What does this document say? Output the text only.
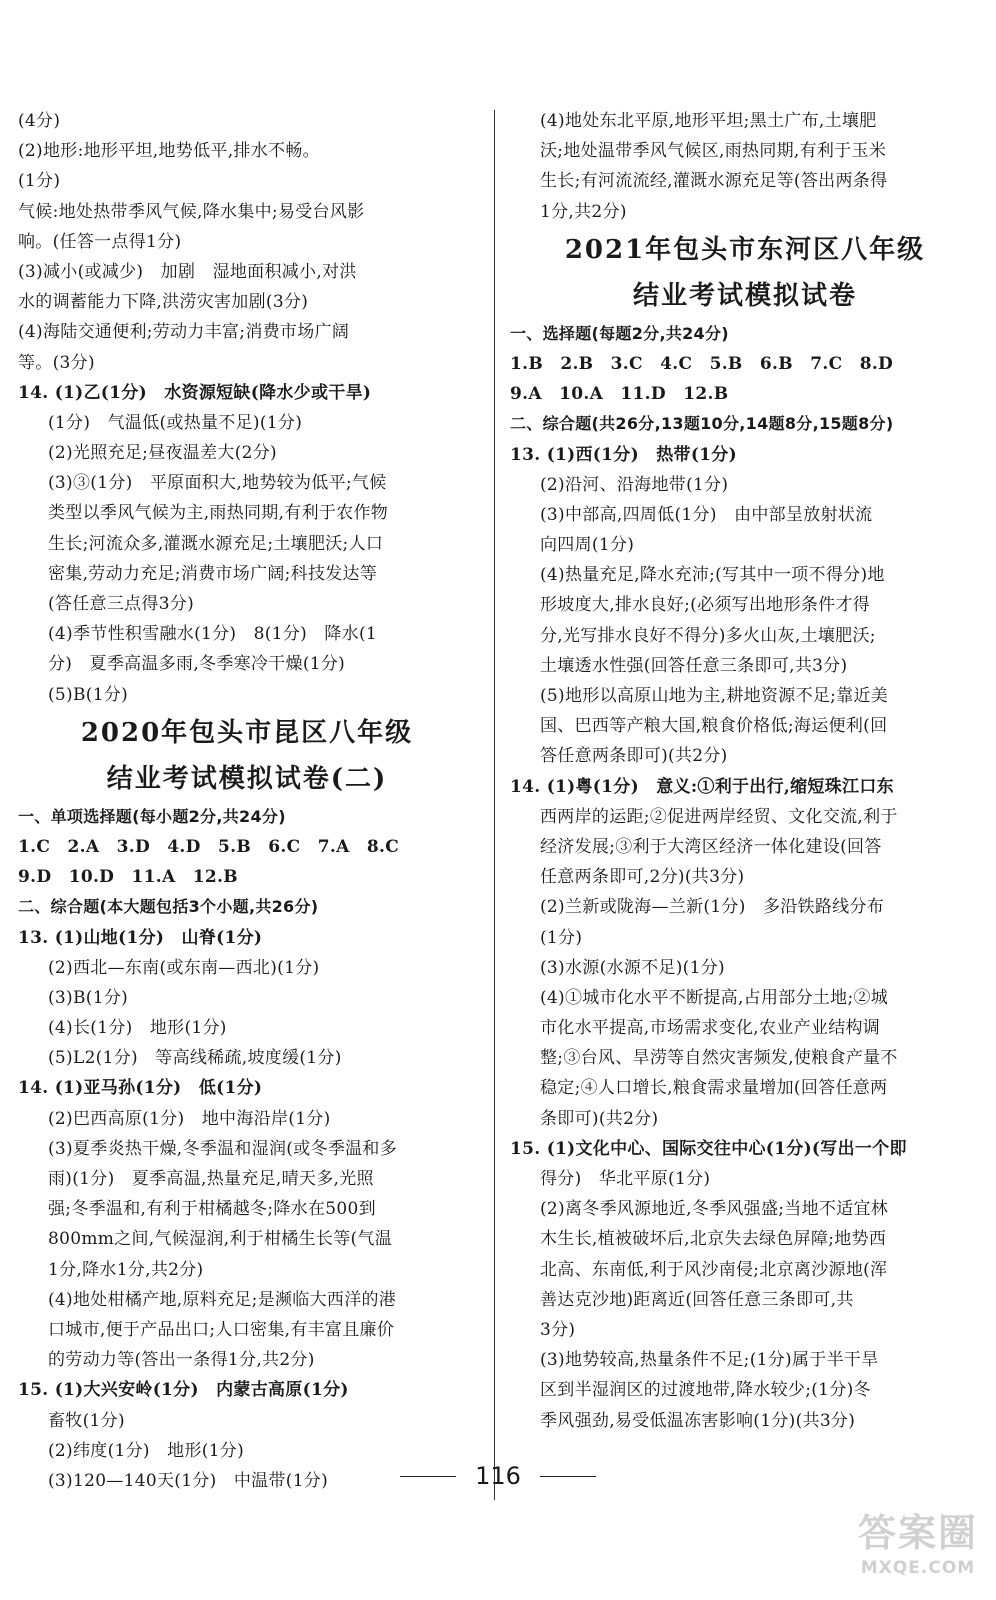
(4分)
(2)地形:地形平坦,地势低平,排水不畅。
(1分)
气候:地处热带季风气候,降水集中;易受台风影
响。(任答一点得1分)
(3)减小(或减少)　加剧　湿地面积减小,对洪
水的调蓄能力下降,洪涝灾害加剧(3分)
(4)海陆交通便利;劳动力丰富;消费市场广阔
等。(3分)
14. (1)乙(1分)　水资源短缺(降水少或干旱)
(1分)　气温低(或热量不足)(1分)
(2)光照充足;昼夜温差大(2分)
(3)③(1分)　平原面积大,地势较为低平;气候
类型以季风气候为主,雨热同期,有利于农作物
生长;河流众多,灌溉水源充足;土壤肥沃;人口
密集,劳动力充足;消费市场广阔;科技发达等
(答任意三点得3分)
(4)季节性积雪融水(1分)　8(1分)　降水(1
分)　夏季高温多雨,冬季寒冷干燥(1分)
(5)B(1分)
2020年包头市昆区八年级
结业考试模拟试卷(二)
一、单项选择题(每小题2分,共24分)
1.C　2.A　3.D　4.D　5.B　6.C　7.A　8.C
9.D　10.D　11.A　12.B
二、综合题(本大题包括3个小题,共26分)
13. (1)山地(1分)　山脊(1分)
(2)西北—东南(或东南—西北)(1分)
(3)B(1分)
(4)长(1分)　地形(1分)
(5)L2(1分)　等高线稀疏,坡度缓(1分)
14. (1)亚马孙(1分)　低(1分)
(2)巴西高原(1分)　地中海沿岸(1分)
(3)夏季炎热干燥,冬季温和湿润(或冬季温和多
雨)(1分)　夏季高温,热量充足,晴天多,光照
强;冬季温和,有利于柑橘越冬;降水在500到
800mm之间,气候湿润,利于柑橘生长等(气温
1分,降水1分,共2分)
(4)地处柑橘产地,原料充足;是濒临大西洋的港
口城市,便于产品出口;人口密集,有丰富且廉价
的劳动力等(答出一条得1分,共2分)
15. (1)大兴安岭(1分)　内蒙古高原(1分)
畜牧(1分)
(2)纬度(1分)　地形(1分)
(3)120—140天(1分)　中温带(1分)
(4)地处东北平原,地形平坦;黑土广布,土壤肥
沃;地处温带季风气候区,雨热同期,有利于玉米
生长;有河流流经,灌溉水源充足等(答出两条得
1分,共2分)
2021年包头市东河区八年级
结业考试模拟试卷
一、选择题(每题2分,共24分)
1.B　2.B　3.C　4.C　5.B　6.B　7.C　8.D
9.A　10.A　11.D　12.B
二、综合题(共26分,13题10分,14题8分,15题8分)
13. (1)西(1分)　热带(1分)
(2)沿河、沿海地带(1分)
(3)中部高,四周低(1分)　由中部呈放射状流
向四周(1分)
(4)热量充足,降水充沛;(写其中一项不得分)地
形坡度大,排水良好;(必须写出地形条件才得
分,光写排水良好不得分)多火山灰,土壤肥沃;
土壤透水性强(回答任意三条即可,共3分)
(5)地形以高原山地为主,耕地资源不足;靠近美
国、巴西等产粮大国,粮食价格低;海运便利(回
答任意两条即可)(共2分)
14. (1)粤(1分)　意义:①利于出行,缩短珠江口东
西两岸的运距;②促进两岸经贸、文化交流,利于
经济发展;③利于大湾区经济一体化建设(回答
任意两条即可,2分)(共3分)
(2)兰新或陇海—兰新(1分)　多沿铁路线分布
(1分)
(3)水源(水源不足)(1分)
(4)①城市化水平不断提高,占用部分土地;②城
市化水平提高,市场需求变化,农业产业结构调
整;③台风、旱涝等自然灾害频发,使粮食产量不
稳定;④人口增长,粮食需求量增加(回答任意两
条即可)(共2分)
15. (1)文化中心、国际交往中心(1分)(写出一个即
得分)　华北平原(1分)
(2)离冬季风源地近,冬季风强盛;当地不适宜林
木生长,植被破坏后,北京失去绿色屏障;地势西
北高、东南低,利于风沙南侵;北京离沙源地(浑
善达克沙地)距离近(回答任意三条即可,共
3分)
(3)地势较高,热量条件不足;(1分)属于半干旱
区到半湿润区的过渡地带,降水较少;(1分)冬
季风强劲,易受低温冻害影响(1分)(共3分)
116
答案圈
MXQE.COM
